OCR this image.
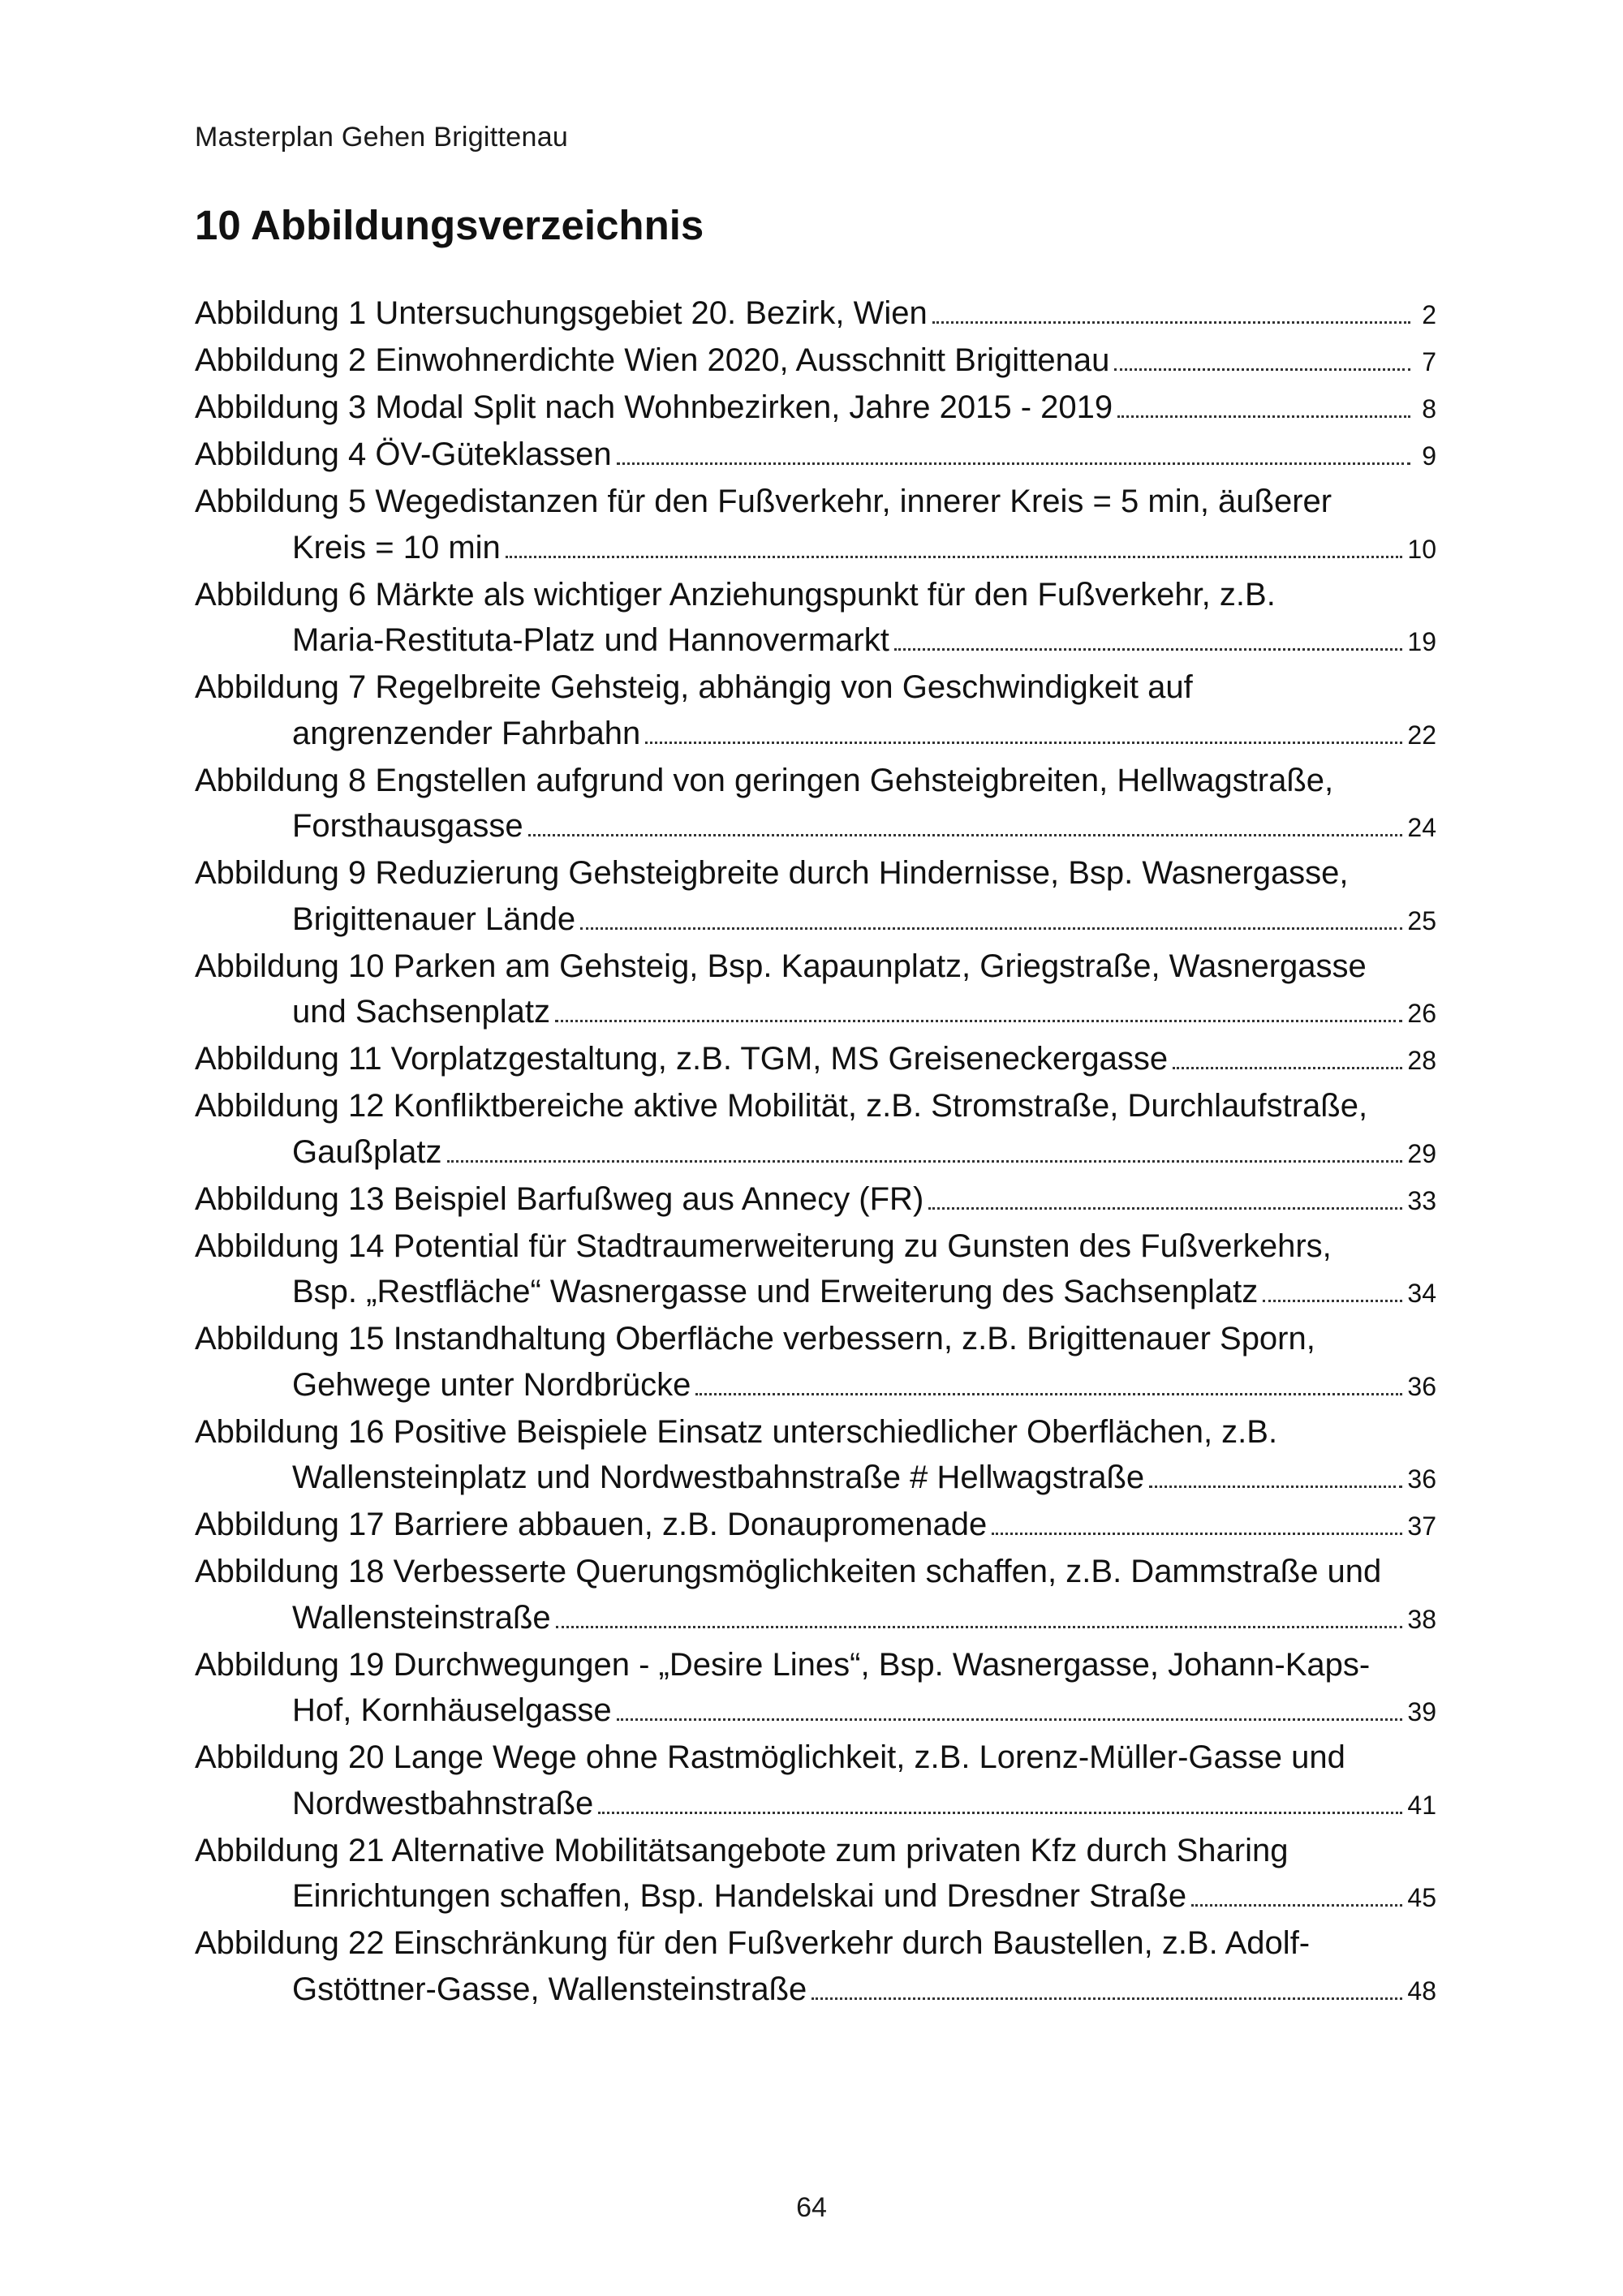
Masterplan Gehen Brigittenau
10 Abbildungsverzeichnis
Abbildung 1 Untersuchungsgebiet 20. Bezirk, Wien	2
Abbildung 2 Einwohnerdichte Wien 2020, Ausschnitt Brigittenau	7
Abbildung 3 Modal Split nach Wohnbezirken, Jahre 2015 - 2019	8
Abbildung 4 ÖV-Güteklassen	9
Abbildung 5 Wegedistanzen für den Fußverkehr, innerer Kreis = 5 min, äußerer
Kreis = 10 min	10
Abbildung 6 Märkte als wichtiger Anziehungspunkt für den Fußverkehr, z.B.
Maria-Restituta-Platz und Hannovermarkt	19
Abbildung 7 Regelbreite Gehsteig, abhängig von Geschwindigkeit auf
angrenzender Fahrbahn	22
Abbildung 8 Engstellen aufgrund von geringen Gehsteigbreiten, Hellwagstraße,
Forsthausgasse	24
Abbildung 9 Reduzierung Gehsteigbreite durch Hindernisse, Bsp. Wasnergasse,
Brigittenauer Lände	25
Abbildung 10 Parken am Gehsteig, Bsp. Kapaunplatz, Griegstraße, Wasnergasse
und Sachsenplatz	26
Abbildung 11 Vorplatzgestaltung, z.B. TGM, MS Greiseneckergasse	28
Abbildung 12 Konfliktbereiche aktive Mobilität, z.B. Stromstraße, Durchlaufstraße,
Gaußplatz	29
Abbildung 13 Beispiel Barfußweg aus Annecy (FR)	33
Abbildung 14 Potential für Stadtraumerweiterung zu Gunsten des Fußverkehrs,
Bsp. „Restfläche“ Wasnergasse und Erweiterung des Sachsenplatz	34
Abbildung 15 Instandhaltung Oberfläche verbessern, z.B. Brigittenauer Sporn,
Gehwege unter Nordbrücke	36
Abbildung 16 Positive Beispiele Einsatz unterschiedlicher Oberflächen, z.B.
Wallensteinplatz und Nordwestbahnstraße # Hellwagstraße	36
Abbildung 17 Barriere abbauen, z.B. Donaupromenade	37
Abbildung 18 Verbesserte Querungsmöglichkeiten schaffen, z.B. Dammstraße und
Wallensteinstraße	38
Abbildung 19 Durchwegungen - „Desire Lines“, Bsp. Wasnergasse, Johann-Kaps-
Hof, Kornhäuselgasse	39
Abbildung 20 Lange Wege ohne Rastmöglichkeit, z.B. Lorenz-Müller-Gasse und
Nordwestbahnstraße	41
Abbildung 21 Alternative Mobilitätsangebote zum privaten Kfz durch Sharing
Einrichtungen schaffen, Bsp. Handelskai und Dresdner Straße	45
Abbildung 22 Einschränkung für den Fußverkehr durch Baustellen, z.B. Adolf-
Gstöttner-Gasse, Wallensteinstraße	48
64
